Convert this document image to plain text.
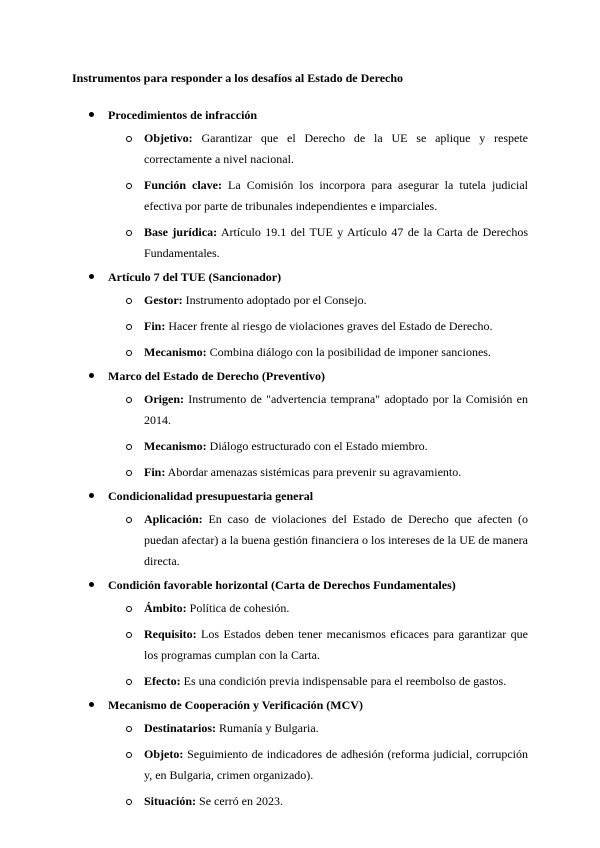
Instrumentos para responder a los desafíos al Estado de Derecho
Procedimientos de infracción
Objetivo: Garantizar que el Derecho de la UE se aplique y respete correctamente a nivel nacional.
Función clave: La Comisión los incorpora para asegurar la tutela judicial efectiva por parte de tribunales independientes e imparciales.
Base jurídica: Artículo 19.1 del TUE y Artículo 47 de la Carta de Derechos Fundamentales.
Artículo 7 del TUE (Sancionador)
Gestor: Instrumento adoptado por el Consejo.
Fin: Hacer frente al riesgo de violaciones graves del Estado de Derecho.
Mecanismo: Combina diálogo con la posibilidad de imponer sanciones.
Marco del Estado de Derecho (Preventivo)
Origen: Instrumento de "advertencia temprana" adoptado por la Comisión en 2014.
Mecanismo: Diálogo estructurado con el Estado miembro.
Fin: Abordar amenazas sistémicas para prevenir su agravamiento.
Condicionalidad presupuestaria general
Aplicación: En caso de violaciones del Estado de Derecho que afecten (o puedan afectar) a la buena gestión financiera o los intereses de la UE de manera directa.
Condición favorable horizontal (Carta de Derechos Fundamentales)
Ámbito: Política de cohesión.
Requisito: Los Estados deben tener mecanismos eficaces para garantizar que los programas cumplan con la Carta.
Efecto: Es una condición previa indispensable para el reembolso de gastos.
Mecanismo de Cooperación y Verificación (MCV)
Destinatarios: Rumanía y Bulgaria.
Objeto: Seguimiento de indicadores de adhesión (reforma judicial, corrupción y, en Bulgaria, crimen organizado).
Situación: Se cerró en 2023.
